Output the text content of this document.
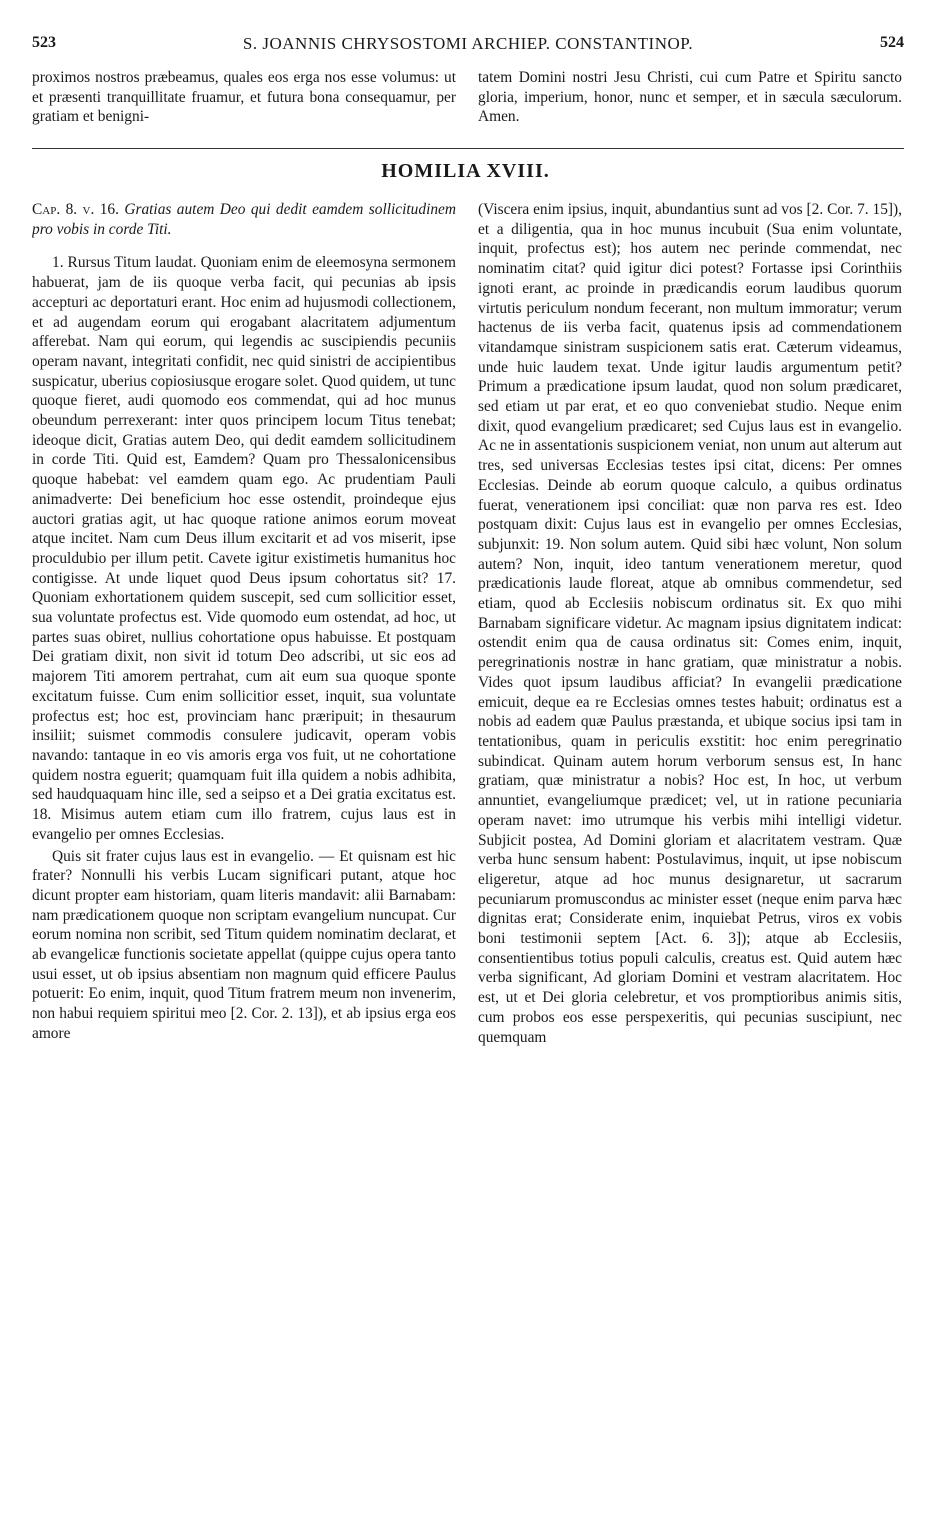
523	S. JOANNIS CHRYSOSTOMI ARCHIEP. CONSTANTINOP.	524

proximos nostros præbeamus, quales eos erga nos esse volumus: ut et præsenti tranquillitate fruamur, et futura bona consequamur, per gratiam et benigni-

tatem Domini nostri Jesu Christi, cui cum Patre et Spiritu sancto gloria, imperium, honor, nunc et semper, et in sæcula sæculorum. Amen.

HOMILIA XVIII.

Cap. 8. v. 16. Gratias autem Deo qui dedit eamdem sollicitudinem pro vobis in corde Titi.

1. Rursus Titum laudat. Quoniam enim de eleemosyna sermonem habuerat, jam de iis quoque verba facit, qui pecunias ab ipsis accepturi ac deportaturi erant. Hoc enim ad hujusmodi collectionem, et ad augendam eorum qui erogabant alacritatem adjumentum afferebat. Nam qui eorum, qui legendis ac suscipiendis pecuniis operam navant, integritati confidit, nec quid sinistri de accipientibus suspicatur, uberius copiosiusque erogare solet. Quod quidem, ut tunc quoque fieret, audi quomodo eos commendat, qui ad hoc munus obeundum perrexerant: inter quos principem locum Titus tenebat; ideoque dicit, Gratias autem Deo, qui dedit eamdem sollicitudinem in corde Titi. Quid est, Eamdem? Quam pro Thessalonicensibus quoque habebat: vel eamdem quam ego. Ac prudentiam Pauli animadverte: Dei beneficium hoc esse ostendit, proindeque ejus auctori gratias agit, ut hac quoque ratione animos eorum moveat atque incitet. Nam cum Deus illum excitarit et ad vos miserit, ipse proculdubio per illum petit. Cavete igitur existimetis humanitus hoc contigisse. At unde liquet quod Deus ipsum cohortatus sit? 17. Quoniam exhortationem quidem suscepit, sed cum sollicitior esset, sua voluntate profectus est. Vide quomodo eum ostendat, ad hoc, ut partes suas obiret, nullius cohortatione opus habuisse. Et postquam Dei gratiam dixit, non sivit id totum Deo adscribi, ut sic eos ad majorem Titi amorem pertrahat, cum ait eum sua quoque sponte excitatum fuisse. Cum enim sollicitior esset, inquit, sua voluntate profectus est; hoc est, provinciam hanc præripuit; in thesaurum insiliit; suismet commodis consulere judicavit, operam vobis navando: tantaque in eo vis amoris erga vos fuit, ut ne cohortatione quidem nostra eguerit; quamquam fuit illa quidem a nobis adhibita, sed haudquaquam hinc ille, sed a seipso et a Dei gratia excitatus est. 18. Misimus autem etiam cum illo fratrem, cujus laus est in evangelio per omnes Ecclesias.

Quis sit frater cujus laus est in evangelio. — Et quisnam est hic frater? Nonnulli his verbis Lucam significari putant, atque hoc dicunt propter eam historiam, quam literis mandavit: alii Barnabam: nam prædicationem quoque non scriptam evangelium nuncupat. Cur eorum nomina non scribit, sed Titum quidem nominatim declarat, et ab evangelicæ functionis societate appellat (quippe cujus opera tanto usui esset, ut ob ipsius absentiam non magnum quid efficere Paulus potuerit: Eo enim, inquit, quod Titum fratrem meum non invenerim, non habui requiem spiritui meo [2. Cor. 2. 13]), et ab ipsius erga eos amore

(Viscera enim ipsius, inquit, abundantius sunt ad vos [2. Cor. 7. 15]), et a diligentia, qua in hoc munus incubuit (Sua enim voluntate, inquit, profectus est); hos autem nec perinde commendat, nec nominatim citat? quid igitur dici potest? Fortasse ipsi Corinthiis ignoti erant, ac proinde in prædicandis eorum laudibus quorum virtutis periculum nondum fecerant, non multum immoratur; verum hactenus de iis verba facit, quatenus ipsis ad commendationem vitandamque sinistram suspicionem satis erat. Cæterum videamus, unde huic laudem texat. Unde igitur laudis argumentum petit? Primum a prædicatione ipsum laudat, quod non solum prædicaret, sed etiam ut par erat, et eo quo conveniebat studio. Neque enim dixit, quod evangelium prædicaret; sed Cujus laus est in evangelio. Ac ne in assentationis suspicionem veniat, non unum aut alterum aut tres, sed universas Ecclesias testes ipsi citat, dicens: Per omnes Ecclesias. Deinde ab eorum quoque calculo, a quibus ordinatus fuerat, venerationem ipsi conciliat: quæ non parva res est. Ideo postquam dixit: Cujus laus est in evangelio per omnes Ecclesias, subjunxit: 19. Non solum autem. Quid sibi hæc volunt, Non solum autem? Non, inquit, ideo tantum venerationem meretur, quod prædicationis laude floreat, atque ab omnibus commendetur, sed etiam, quod ab Ecclesiis nobiscum ordinatus sit. Ex quo mihi Barnabam significare videtur. Ac magnam ipsius dignitatem indicat: ostendit enim qua de causa ordinatus sit: Comes enim, inquit, peregrinationis nostræ in hanc gratiam, quæ ministratur a nobis. Vides quot ipsum laudibus afficiat? In evangelii prædicatione emicuit, deque ea re Ecclesias omnes testes habuit; ordinatus est a nobis ad eadem quæ Paulus præstanda, et ubique socius ipsi tam in tentationibus, quam in periculis exstitit: hoc enim peregrinatio subindicat. Quinam autem horum verborum sensus est, In hanc gratiam, quæ ministratur a nobis? Hoc est, In hoc, ut verbum annuntiet, evangeliumque prædicet; vel, ut in ratione pecuniaria operam navet: imo utrumque his verbis mihi intelligi videtur. Subjicit postea, Ad Domini gloriam et alacritatem vestram. Quæ verba hunc sensum habent: Postulavimus, inquit, ut ipse nobiscum eligeretur, atque ad hoc munus designaretur, ut sacrarum pecuniarum promuscondus ac minister esset (neque enim parva hæc dignitas erat; Considerate enim, inquiebat Petrus, viros ex vobis boni testimonii septem [Act. 6. 3]); atque ab Ecclesiis, consentientibus totius populi calculis, creatus est. Quid autem hæc verba significant, Ad gloriam Domini et vestram alacritatem. Hoc est, ut et Dei gloria celebretur, et vos promptioribus animis sitis, cum probos eos esse perspexeritis, qui pecunias suscipiunt, nec quemquam
